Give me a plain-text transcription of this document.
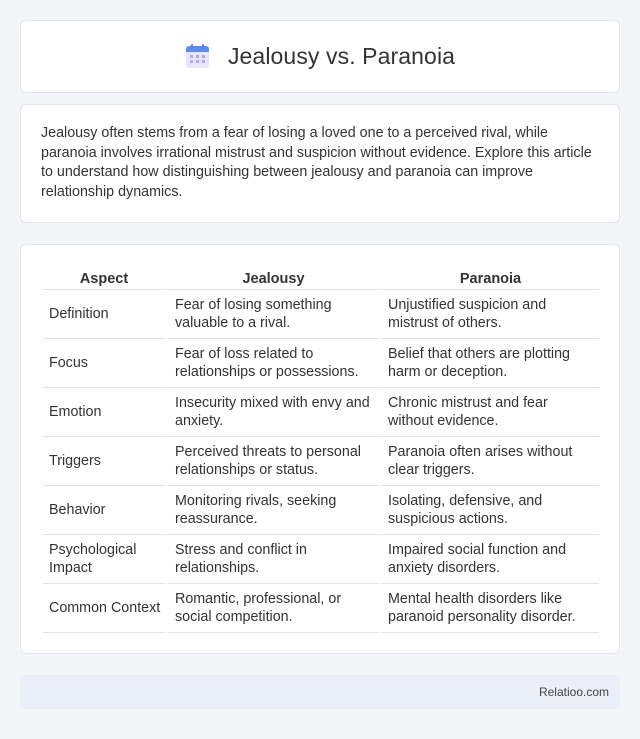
Jealousy vs. Paranoia

Jealousy often stems from a fear of losing a loved one to a perceived rival, while paranoia involves irrational mistrust and suspicion without evidence. Explore this article to understand how distinguishing between jealousy and paranoia can improve relationship dynamics.

Aspect	Jealousy	Paranoia
Definition	Fear of losing something valuable to a rival.	Unjustified suspicion and mistrust of others.
Focus	Fear of loss related to relationships or possessions.	Belief that others are plotting harm or deception.
Emotion	Insecurity mixed with envy and anxiety.	Chronic mistrust and fear without evidence.
Triggers	Perceived threats to personal relationships or status.	Paranoia often arises without clear triggers.
Behavior	Monitoring rivals, seeking reassurance.	Isolating, defensive, and suspicious actions.
Psychological Impact	Stress and conflict in relationships.	Impaired social function and anxiety disorders.
Common Context	Romantic, professional, or social competition.	Mental health disorders like paranoid personality disorder.
Relatioo.com
